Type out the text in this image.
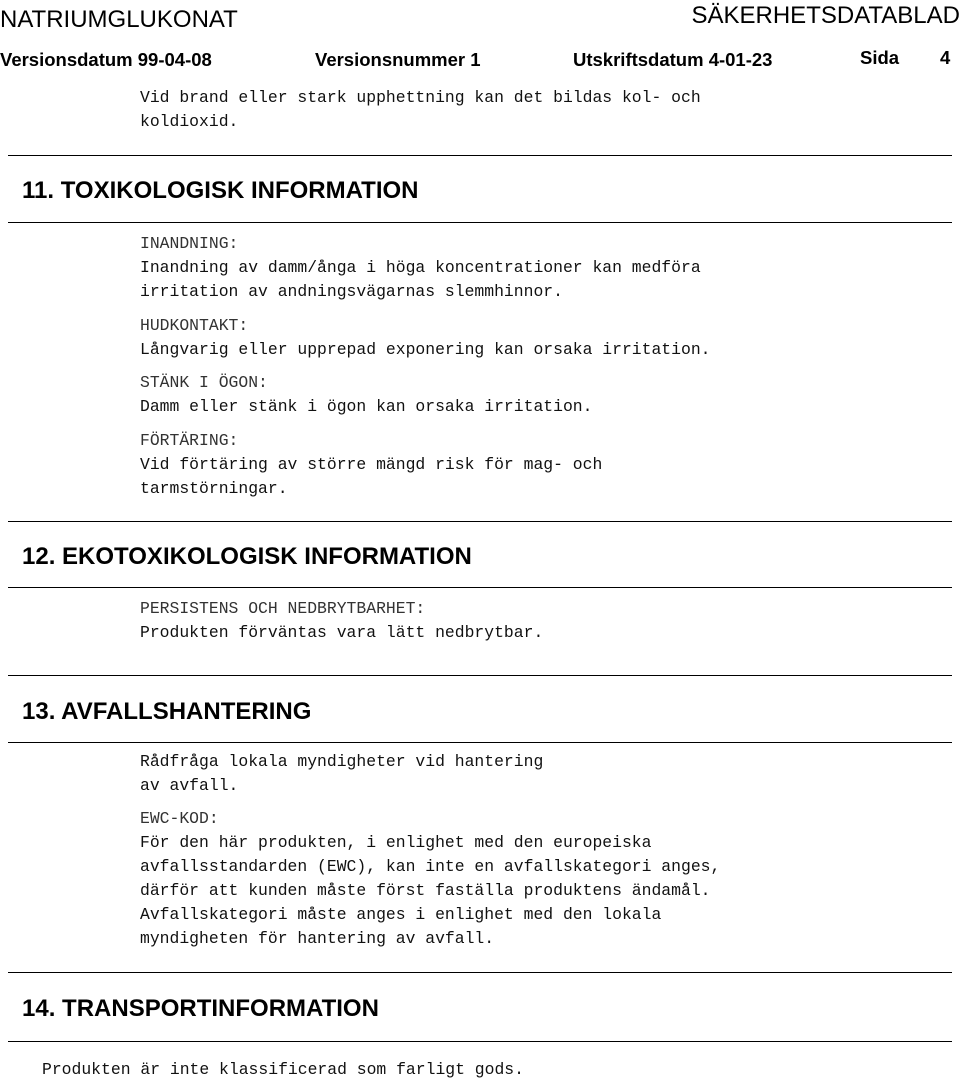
NATRIUMGLUKONAT	SÄKERHETSDATABLAD
Versionsdatum 99-04-08	Versionsnummer 1	Utskriftsdatum 4-01-23	Sida 4
Vid brand eller stark upphettning kan det bildas kol- och
koldioxid.
11. TOXIKOLOGISK INFORMATION
INANDNING:
Inandning av damm/ånga i höga koncentrationer kan medföra
irritation av andningsvägarnas slemmhinnor.
HUDKONTAKT:
Långvarig eller upprepad exponering kan orsaka irritation.
STÄNK I ÖGON:
Damm eller stänk i ögon kan orsaka irritation.
FÖRTÄRING:
Vid förtäring av större mängd risk för mag- och
tarmstörningar.
12. EKOTOXIKOLOGISK INFORMATION
PERSISTENS OCH NEDBRYTBARHET:
Produkten förväntas vara lätt nedbrytbar.
13. AVFALLSHANTERING
Rådfråga lokala myndigheter vid hantering
av avfall.
EWC-KOD:
För den här produkten, i enlighet med den europeiska
avfallsstandarden (EWC), kan inte en avfallskategori anges,
därför att kunden måste först faställa produktens ändamål.
Avfallskategori måste anges i enlighet med den lokala
myndigheten för hantering av avfall.
14. TRANSPORTINFORMATION
Produkten är inte klassificerad som farligt gods.
